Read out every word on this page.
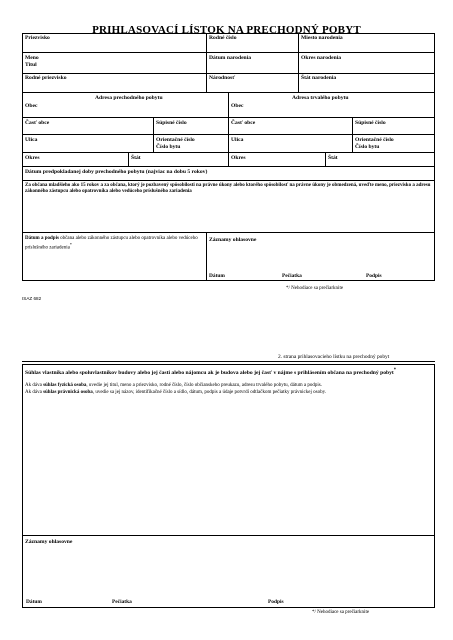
PRIHLASOVACÍ LÍSTOK NA PRECHODNÝ POBYT
Priezvisko	Rodné číslo	Miesto narodenia
Meno
Titul
Dátum narodenia	Okres narodenia
Rodné priezvisko	Národnosť	Štát narodenia
Adresa prechodného pobytu
Obec
Časť obce	Súpisné číslo
Ulica	Orientačné číslo
Číslo bytu
Okres	Štát
Adresa trvalého pobytu
Obec
Časť obce	Súpisné číslo
Ulica	Orientačné číslo
Číslo bytu
Okres	Štát
Dátum predpokladanej doby prechodného pobytu (najviac na dobu 5 rokov)
Za občana mladšieho ako 15 rokov a za občana, ktorý je pozbavený spôsobilosti na právne úkony alebo ktorého spôsobilosť na právne úkony je obmedzená, uveďte meno, priezvisko a adresu zákonného zástupcu alebo opatrovníka alebo vedúceho príslušného zariadenia
Dátum a podpis občana alebo zákonného zástupcu alebo opatrovníka alebo vedúceho príslušného zariadenia*
Záznamy ohlasovne
Dátum	Pečiatka	Podpis
*/ Nehodiace sa prečiarknite
ISAZ 682
2. strana prihlasovacieho lístku na prechodný pobyt
Súhlas vlastníka alebo spoluvlastníkov budovy alebo jej časti alebo nájomcu ak je budova alebo jej časť v nájme s prihlásením občana na prechodný pobyt*
Ak dáva súhlas fyzická osoba, uvedie jej titul, meno a priezvisko, rodné číslo, číslo občianskeho preukazu, adresu trvalého pobytu, dátum a podpis.
Ak dáva súhlas právnická osoba, uvedie sa jej názov, identifikačné číslo a sídlo, dátum, podpis a údaje potvrdí odtlačkom pečiatky právnickej osoby.
Záznamy ohlasovne
Dátum	Pečiatka	Podpis
*/ Nehodiace sa prečiarknite
